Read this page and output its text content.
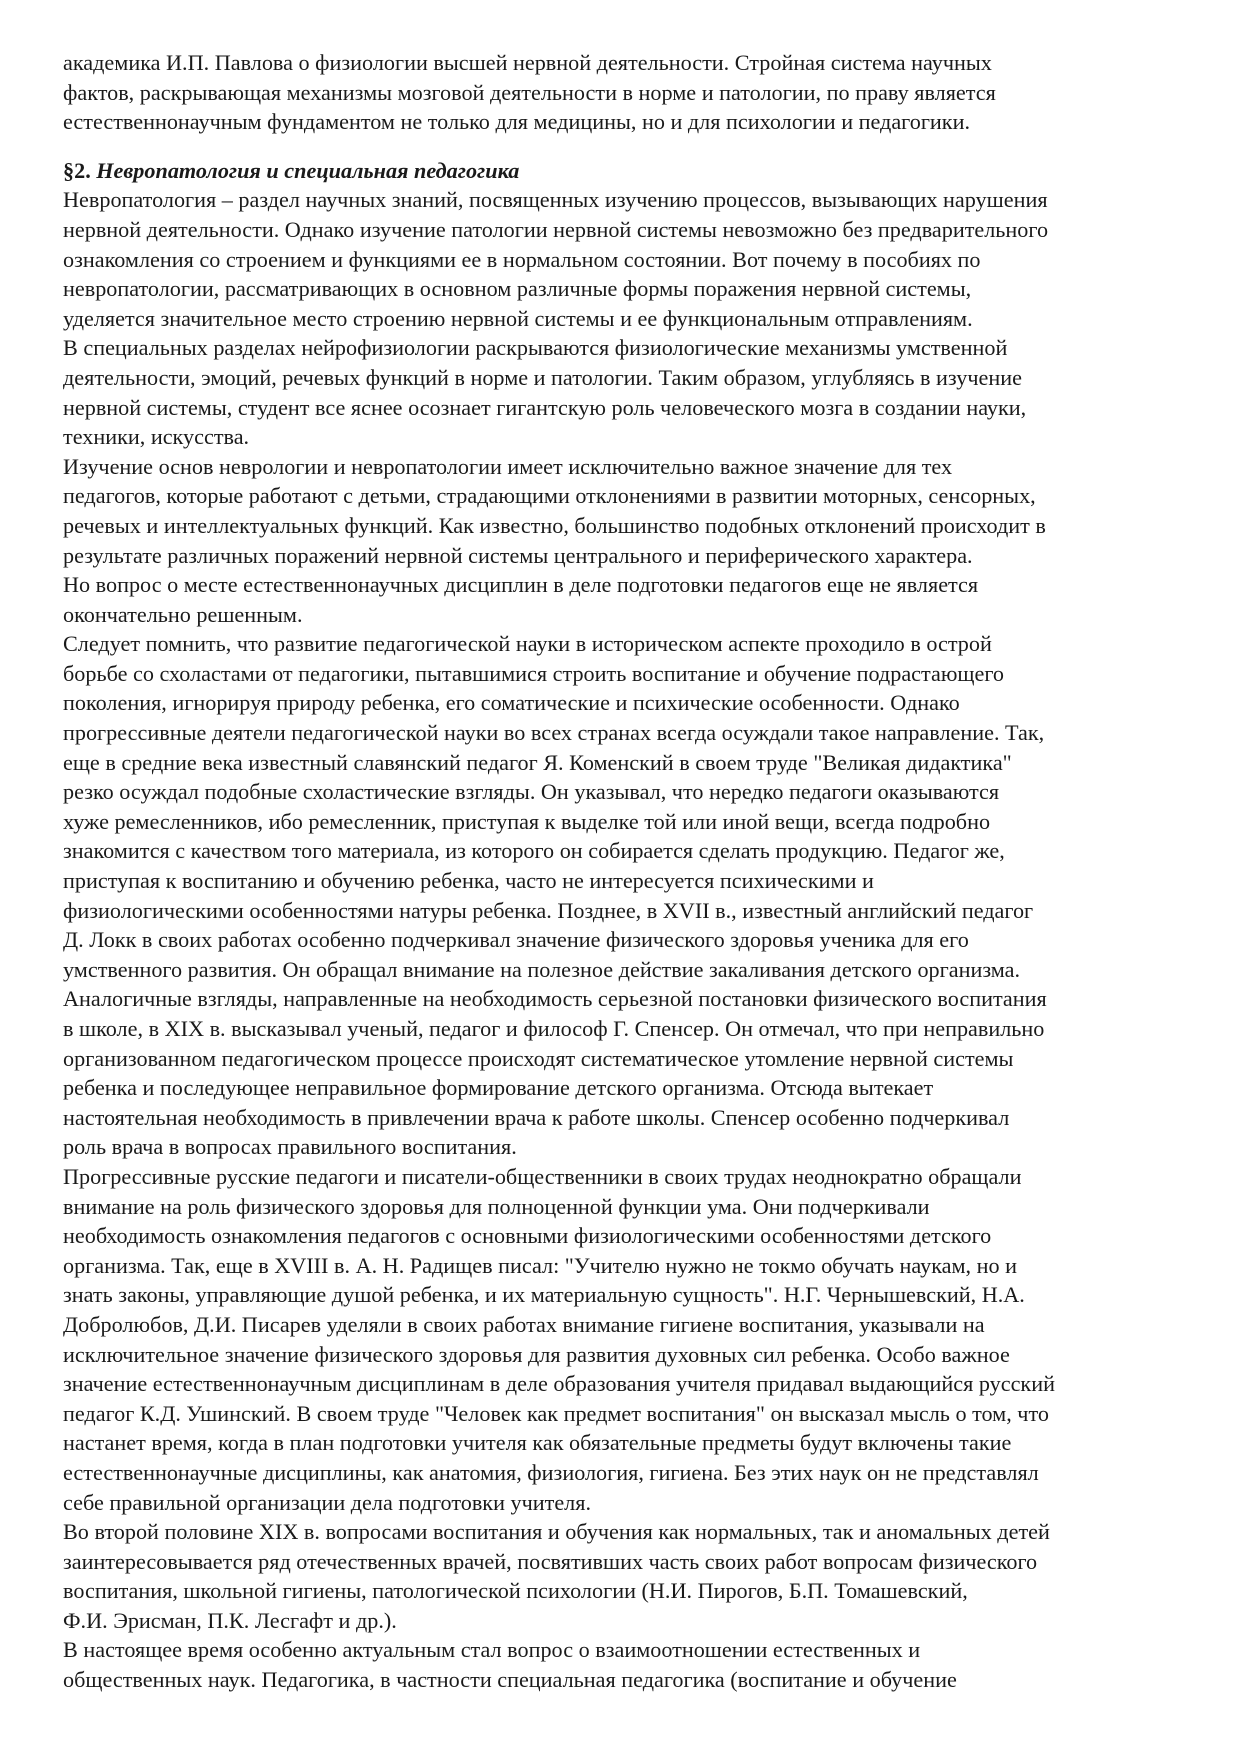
академика И.П. Павлова о физиологии высшей нервной деятельности. Стройная система научных
фактов, раскрывающая механизмы мозговой деятельности в норме и патологии, по праву является
естественнонаучным фундаментом не только для медицины, но и для психологии и педагогики.
§2. Невропатология и специальная педагогика
Невропатология – раздел научных знаний, посвященных изучению процессов, вызывающих нарушения
нервной деятельности. Однако изучение патологии нервной системы невозможно без предварительного
ознакомления со строением и функциями ее в нормальном состоянии. Вот почему в пособиях по
невропатологии, рассматривающих в основном различные формы поражения нервной системы,
уделяется значительное место строению нервной системы и ее функциональным отправлениям.
В специальных разделах нейрофизиологии раскрываются физиологические механизмы умственной
деятельности, эмоций, речевых функций в норме и патологии. Таким образом, углубляясь в изучение
нервной системы, студент все яснее осознает гигантскую роль человеческого мозга в создании науки,
техники, искусства.
Изучение основ неврологии и невропатологии имеет исключительно важное значение для тех
педагогов, которые работают с детьми, страдающими отклонениями в развитии моторных, сенсорных,
речевых и интеллектуальных функций. Как известно, большинство подобных отклонений происходит в
результате различных поражений нервной системы центрального и периферического характера.
Но вопрос о месте естественнонаучных дисциплин в деле подготовки педагогов еще не является
окончательно решенным.
Следует помнить, что развитие педагогической науки в историческом аспекте проходило в острой
борьбе со схоластами от педагогики, пытавшимися строить воспитание и обучение подрастающего
поколения, игнорируя природу ребенка, его соматические и психические особенности. Однако
прогрессивные деятели педагогической науки во всех странах всегда осуждали такое направление. Так,
еще в средние века известный славянский педагог Я. Коменский в своем труде "Великая дидактика"
резко осуждал подобные схоластические взгляды. Он указывал, что нередко педагоги оказываются
хуже ремесленников, ибо ремесленник, приступая к выделке той или иной вещи, всегда подробно
знакомится с качеством того материала, из которого он собирается сделать продукцию. Педагог же,
приступая к воспитанию и обучению ребенка, часто не интересуется психическими и
физиологическими особенностями натуры ребенка. Позднее, в XVII в., известный английский педагог
Д. Локк в своих работах особенно подчеркивал значение физического здоровья ученика для его
умственного развития. Он обращал внимание на полезное действие закаливания детского организма.
Аналогичные взгляды, направленные на необходимость серьезной постановки физического воспитания
в школе, в XIX в. высказывал ученый, педагог и философ Г. Спенсер. Он отмечал, что при неправильно
организованном педагогическом процессе происходят систематическое утомление нервной системы
ребенка и последующее неправильное формирование детского организма. Отсюда вытекает
настоятельная необходимость в привлечении врача к работе школы. Спенсер особенно подчеркивал
роль врача в вопросах правильного воспитания.
Прогрессивные русские педагоги и писатели-общественники в своих трудах неоднократно обращали
внимание на роль физического здоровья для полноценной функции ума. Они подчеркивали
необходимость ознакомления педагогов с основными физиологическими особенностями детского
организма. Так, еще в XVIII в. А. Н. Радищев писал: "Учителю нужно не токмо обучать наукам, но и
знать законы, управляющие душой ребенка, и их материальную сущность". Н.Г. Чернышевский, Н.А.
Добролюбов, Д.И. Писарев уделяли в своих работах внимание гигиене воспитания, указывали на
исключительное значение физического здоровья для развития духовных сил ребенка. Особо важное
значение естественнонаучным дисциплинам в деле образования учителя придавал выдающийся русский
педагог К.Д. Ушинский. В своем труде "Человек как предмет воспитания" он высказал мысль о том, что
настанет время, когда в план подготовки учителя как обязательные предметы будут включены такие
естественнонаучные дисциплины, как анатомия, физиология, гигиена. Без этих наук он не представлял
себе правильной организации дела подготовки учителя.
Во второй половине XIX в. вопросами воспитания и обучения как нормальных, так и аномальных детей
заинтересовывается ряд отечественных врачей, посвятивших часть своих работ вопросам физического
воспитания, школьной гигиены, патологической психологии (Н.И. Пирогов, Б.П. Томашевский,
Ф.И. Эрисман, П.К. Лесгафт и др.).
В настоящее время особенно актуальным стал вопрос о взаимоотношении естественных и
общественных наук. Педагогика, в частности специальная педагогика (воспитание и обучение
